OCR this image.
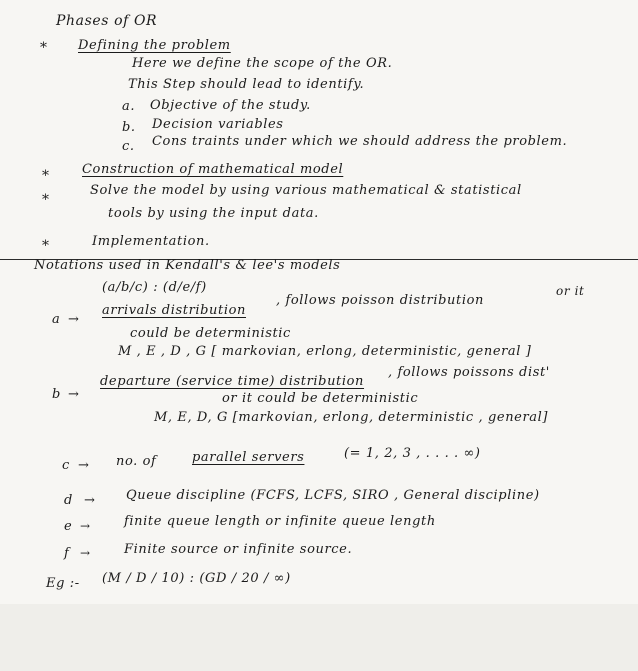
Phases of OR
* Defining the problem
Here we define the scope of the OR.
This Step should lead to identify.
a. Objective of the study.
b. Decision variables
c. Cons traints under which we should address the problem.
* Construction of mathematical model
*
Solve the model by using various mathematical & statistical
tools by using the input data.
*	Implementation.
Notations used in Kendall's & lee's models
(a/b/c) : (d/e/f)
a →
arrivals distribution
, follows poisson distribution
or it
could be deterministic
M , E , D , G [ markovian, erlong, deterministic, general ]
b →
departure (service time) distribution
, follows poissons dist'
or it could be deterministic
M, E, D, G [markovian, erlong, deterministic , general]
c → no. of	parallel servers	(= 1, 2, 3 , . . . . ∞)
d → Queue discipline (FCFS, LCFS, SIRO , General discipline)
e →	finite queue length or infinite queue length
f →	Finite source or infinite source.
Eg :- (M / D / 10) : (GD / 20 / ∞)
